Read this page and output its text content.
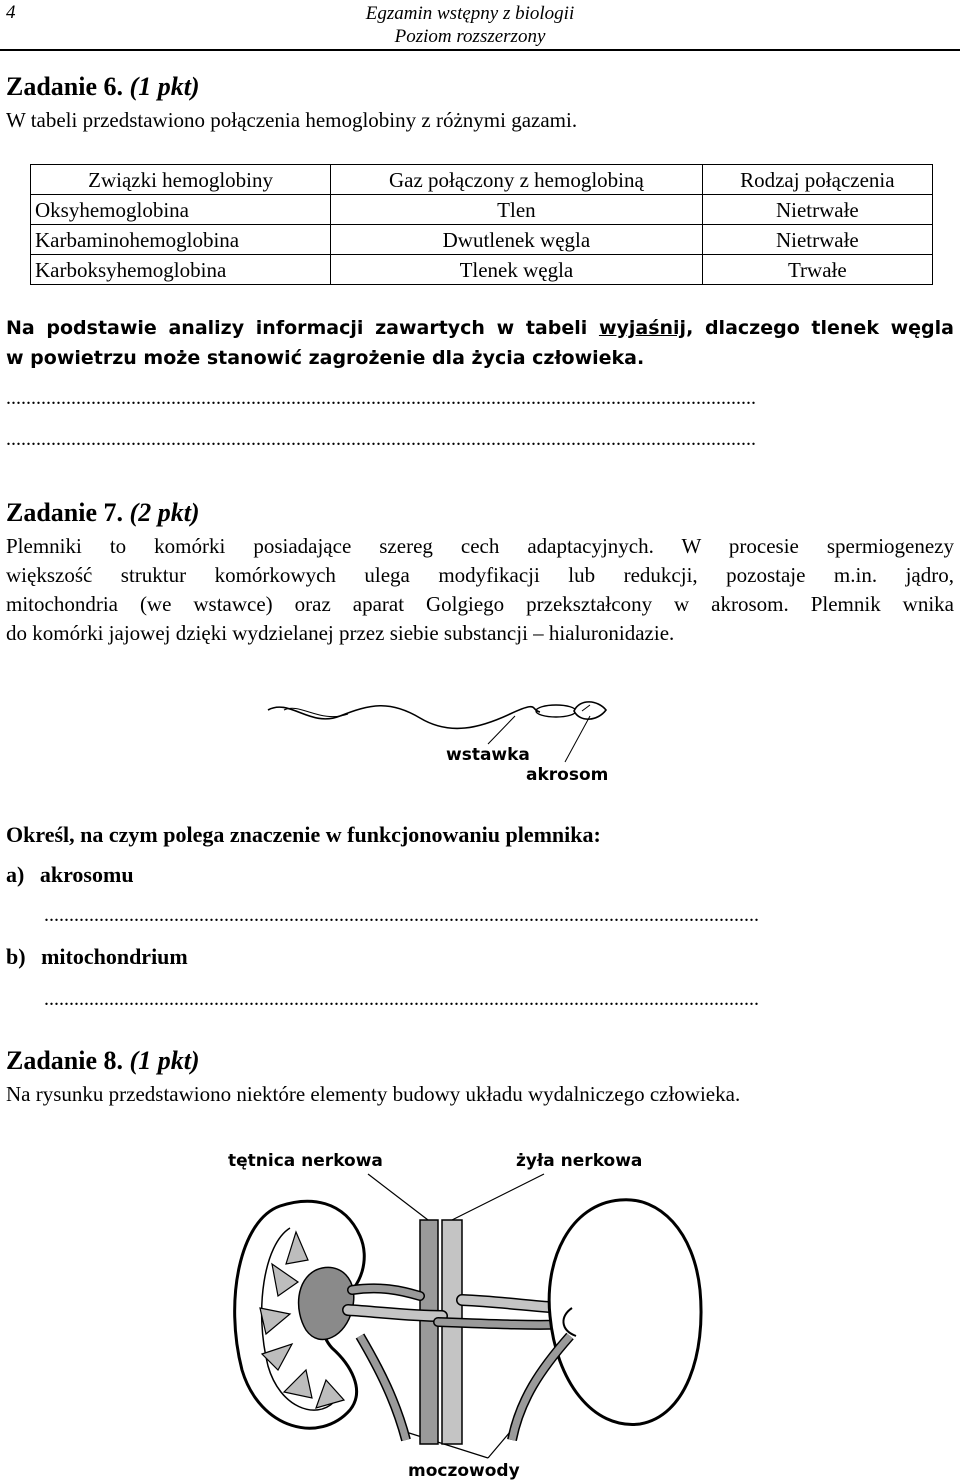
4	Egzamin wstępny z biologii
Poziom rozszerzony
Zadanie 6. (1 pkt)
W tabeli przedstawiono połączenia hemoglobiny z różnymi gazami.
Związki hemoglobiny	Gaz połączony z hemoglobiną	Rodzaj połączenia
Oksyhemoglobina	Tlen	Nietrwałe
Karbaminohemoglobina	Dwutlenek węgla	Nietrwałe
Karboksyhemoglobina	Tlenek węgla	Trwałe
Na podstawie analizy informacji zawartych w tabeli wyjaśnij, dlaczego tlenek węgla
w powietrzu może stanowić zagrożenie dla życia człowieka.
......................................................................................................................................................
......................................................................................................................................................
Zadanie 7. (2 pkt)
Plemniki to komórki posiadające szereg cech adaptacyjnych. W procesie spermiogenezy
większość struktur komórkowych ulega modyfikacji lub redukcji, pozostaje m.in. jądro,
mitochondria (we wstawce) oraz aparat Golgiego przekształcony w akrosom. Plemnik wnika
do komórki jajowej dzięki wydzielanej przez siebie substancji – hialuronidazie.
wstawka
akrosom
Określ, na czym polega znaczenie w funkcjonowaniu plemnika:
a) akrosomu
...............................................................................................................................................
b) mitochondrium
...............................................................................................................................................
Zadanie 8. (1 pkt)
Na rysunku przedstawiono niektóre elementy budowy układu wydalniczego człowieka.
tętnica nerkowa	żyła nerkowa
moczowody
